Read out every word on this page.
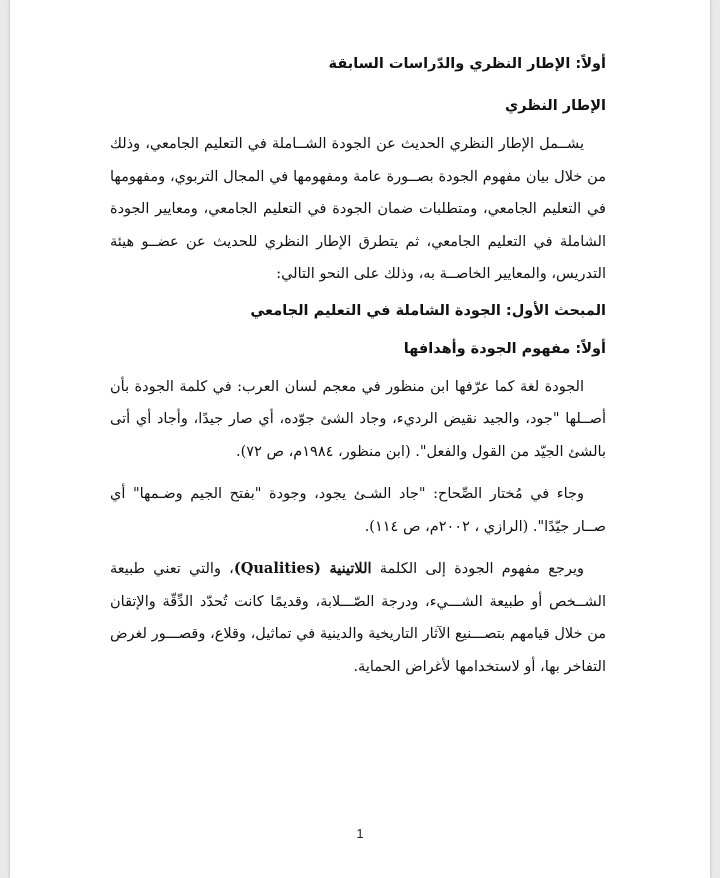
أولاً: الإطار النظري والدّراسات السابقة

الإطار النظري

يشــمل الإطار النظري الحديث عن الجودة الشــاملة في التعليم الجامعي، وذلك من خلال بيان مفهوم الجودة بصــورة عامة ومفهومها في المجال التربوي، ومفهومها في التعليم الجامعي، ومتطلبات ضمان الجودة في التعليم الجامعي، ومعايير الجودة الشاملة في التعليم الجامعي، ثم يتطرق الإطار النظري للحديث عن عضــو هيئة التدريس، والمعايير الخاصــة به، وذلك على النحو التالي:

المبحث الأول: الجودة الشاملة في التعليم الجامعي

أولاً: مفهوم الجودة وأهدافها

الجودة لغة كما عرّفها ابن منظور في معجم لسان العرب: في كلمة الجودة بأن أصــلها "جود، والجيد نقيض الرديء، وجاد الشئ جوّده، أي صار جيدًا، وأجاد أي أتى بالشئ الجيّد من القول والفعل". (ابن منظور، ١٩٨٤م، ص ٧٢).

وجاء في مُختار الصِّحاح: "جاد الشـئ يجود، وجودة "بفتح الجيم وضـمها" أي صــار جيّدًا". (الرازي ، ٢٠٠٢م، ص ١١٤).

ويرجع مفهوم الجودة إلى الكلمة اللاتينية (Qualities)، والتي تعني طبيعة الشــخص أو طبيعة الشـــيء، ودرجة الصّـــلابة، وقديمًا كانت تُحدّد الدِّقّة والإتقان من خلال قيامهم بتصـــنيع الآثار التاريخية والدينية في تماثيل، وقلاع، وقصـــور لغرض التفاخر بها، أو لاستخدامها لأغراض الحماية.

1
